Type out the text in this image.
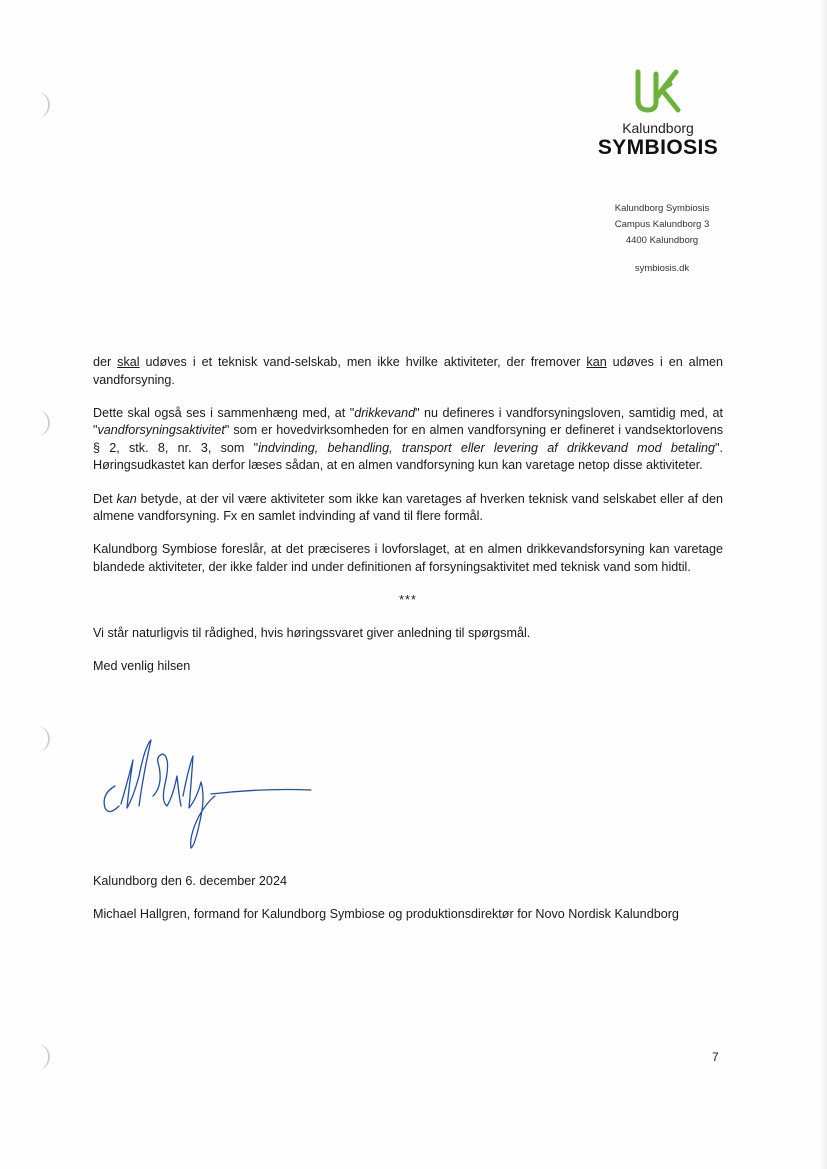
Kalundborg
SYMBIOSIS
Kalundborg Symbiosis
Campus Kalundborg 3
4400 Kalundborg
symbiosis.dk

der skal udøves i et teknisk vand-selskab, men ikke hvilke aktiviteter, der fremover kan udøves i en almen vandforsyning.

Dette skal også ses i sammenhæng med, at "drikkevand" nu defineres i vandforsyningsloven, samtidig med, at "vandforsyningsaktivitet" som er hovedvirksomheden for en almen vandforsyning er defineret i vandsektorlovens § 2, stk. 8, nr. 3, som "indvinding, behandling, transport eller levering af drikkevand mod betaling". Høringsudkastet kan derfor læses sådan, at en almen vandforsyning kun kan varetage netop disse aktiviteter.

Det kan betyde, at der vil være aktiviteter som ikke kan varetages af hverken teknisk vand selskabet eller af den almene vandforsyning. Fx en samlet indvinding af vand til flere formål.

Kalundborg Symbiose foreslår, at det præciseres i lovforslaget, at en almen drikkevandsforsyning kan varetage blandede aktiviteter, der ikke falder ind under definitionen af forsyningsaktivitet med teknisk vand som hidtil.

***

Vi står naturligvis til rådighed, hvis høringssvaret giver anledning til spørgsmål.

Med venlig hilsen

Kalundborg den 6. december 2024

Michael Hallgren, formand for Kalundborg Symbiose og produktionsdirektør for Novo Nordisk Kalundborg

7
